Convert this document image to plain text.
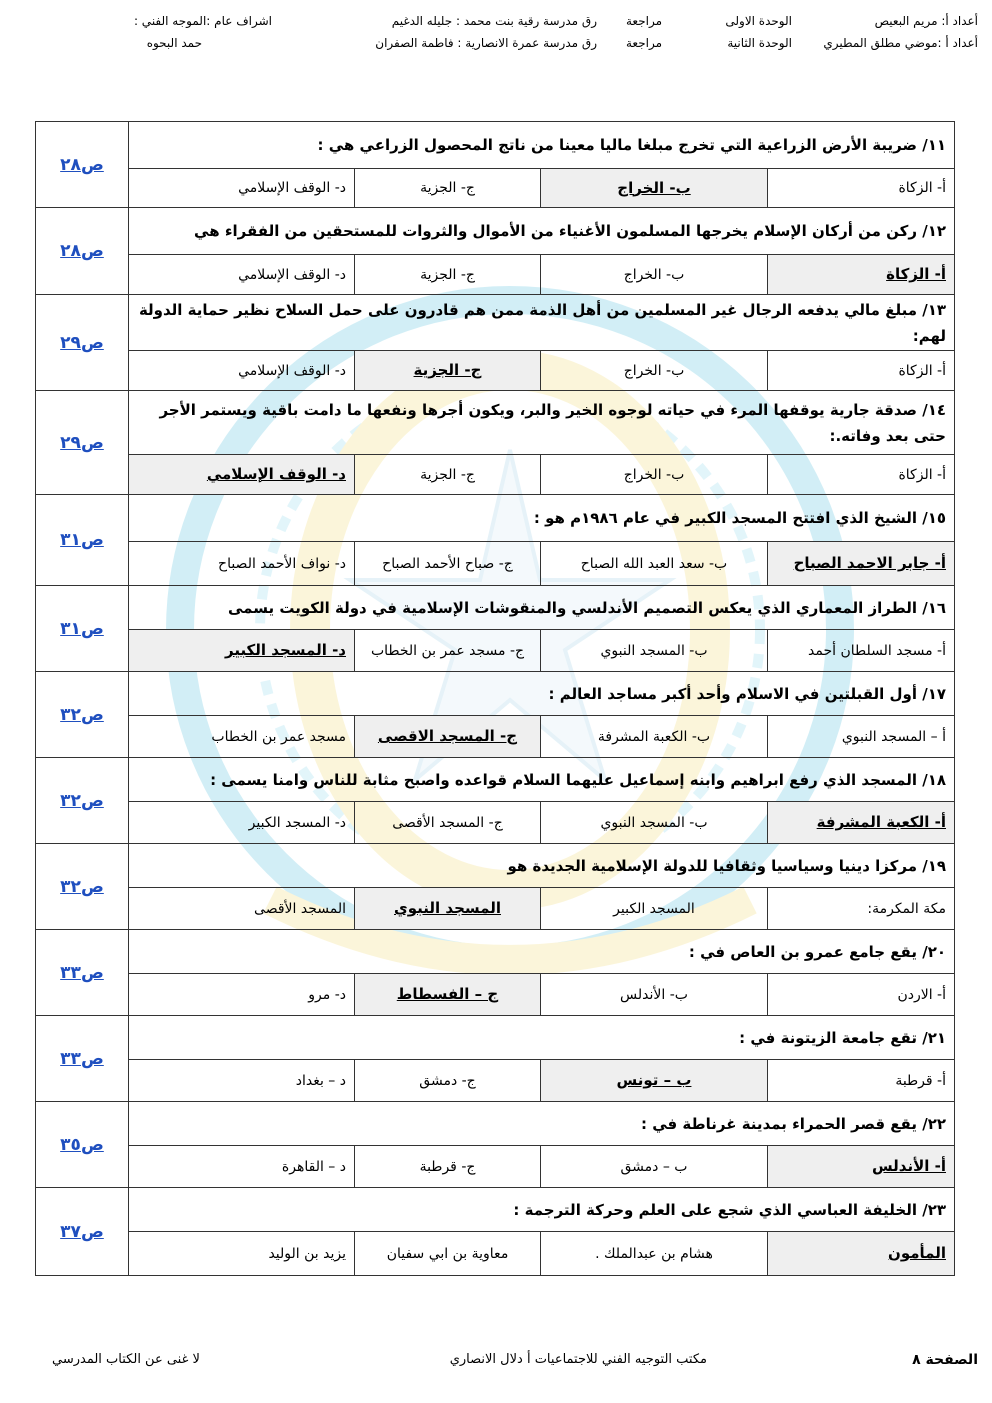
أعداد أ: مريم البعيص
الوحدة الاولى
مراجعة
رق مدرسة رقية بنت محمد : جليله الدغيم
اشراف عام :الموجه الفني :
أعداد أ :موضي مطلق المطيري
الوحدة الثانية
مراجعة
رق مدرسة عمرة الانصارية : فاطمة الصفران
حمد البحوه
١١/ ضريبة الأرض الزراعية التي تخرج مبلغا ماليا معينا من ناتج المحصول الزراعي هي :				ص٢٨
أ- الزكاة	ب- الخراج	ج- الجزية	د- الوقف الإسلامي	
١٢/ ركن من أركان الإسلام يخرجها المسلمون الأغنياء من الأموال والثروات للمستحقين من الفقراء هي				ص٢٨
أ- الزكاة	ب- الخراج	ج- الجزية	د- الوقف الإسلامي	
١٣/ مبلغ مالي يدفعه الرجال غير المسلمين من أهل الذمة ممن هم قادرون على حمل السلاح نظير حماية الدولة لهم:				ص٢٩
أ- الزكاة	ب- الخراج	ج- الجزية	د- الوقف الإسلامي	
١٤/ صدقة جارية يوقفها المرء في حياته لوجوه الخير والبر، ويكون أجرها ونفعها ما دامت باقية ويستمر الأجر حتى بعد وفاته.:				ص٢٩
أ- الزكاة	ب- الخراج	ج- الجزية	د- الوقف الإسلامي	
١٥/ الشيخ الذي افتتح المسجد الكبير في عام ١٩٨٦م هو :				ص٣١
أ- جابر الاحمد الصباح	ب- سعد العبد الله الصباح	ج- صباح الأحمد الصباح	د- نواف الأحمد الصباح	
١٦/ الطراز المعماري الذي يعكس التصميم الأندلسي والمنقوشات الإسلامية في دولة الكويت يسمى				ص٣١
أ- مسجد السلطان أحمد	ب- المسجد النبوي	ج- مسجد عمر بن الخطاب	د- المسجد الكبير	
١٧/ أول القبلتين في الاسلام وأحد أكبر مساجد العالم :				ص٣٢
أ – المسجد النبوي	ب- الكعبة المشرفة	ج- المسجد الاقصى	مسجد عمر بن الخطاب	
١٨/ المسجد الذي رفع ابراهيم وابنه إسماعيل عليهما السلام قواعده واصبح مثابة للناس وامنا يسمى :				ص٣٢
أ- الكعبة المشرفة	ب- المسجد النبوي	ج- المسجد الأقصى	د- المسجد الكبير	
١٩/ مركزا دينيا وسياسيا وثقافيا للدولة الإسلامية الجديدة هو				ص٣٢
مكة المكرمة:	المسجد الكبير	المسجد النبوي	المسجد الأقصى	
٢٠/ يقع جامع عمرو بن العاص في :				ص٣٣
أ- الاردن	ب- الأندلس	ج – الفسطاط	د- مرو	
٢١/ تقع جامعة الزيتونة في :				ص٣٣
أ- قرطبة	ب – تونس	ج- دمشق	د – بغداد	
٢٢/ يقع قصر الحمراء بمدينة غرناطة في :				ص٣٥
أ- الأندلس	ب – دمشق	ج- قرطبة	د – القاهرة	
٢٣/ الخليفة العباسي الذي شجع على العلم وحركة الترجمة :				ص٣٧
المأمون	هشام بن عبدالملك .	معاوية بن ابي سفيان	يزيد بن الوليد	
الصفحة ٨
مكتب التوجيه الفني للاجتماعيات أ دلال الانصاري
لا غنى عن الكتاب المدرسي
